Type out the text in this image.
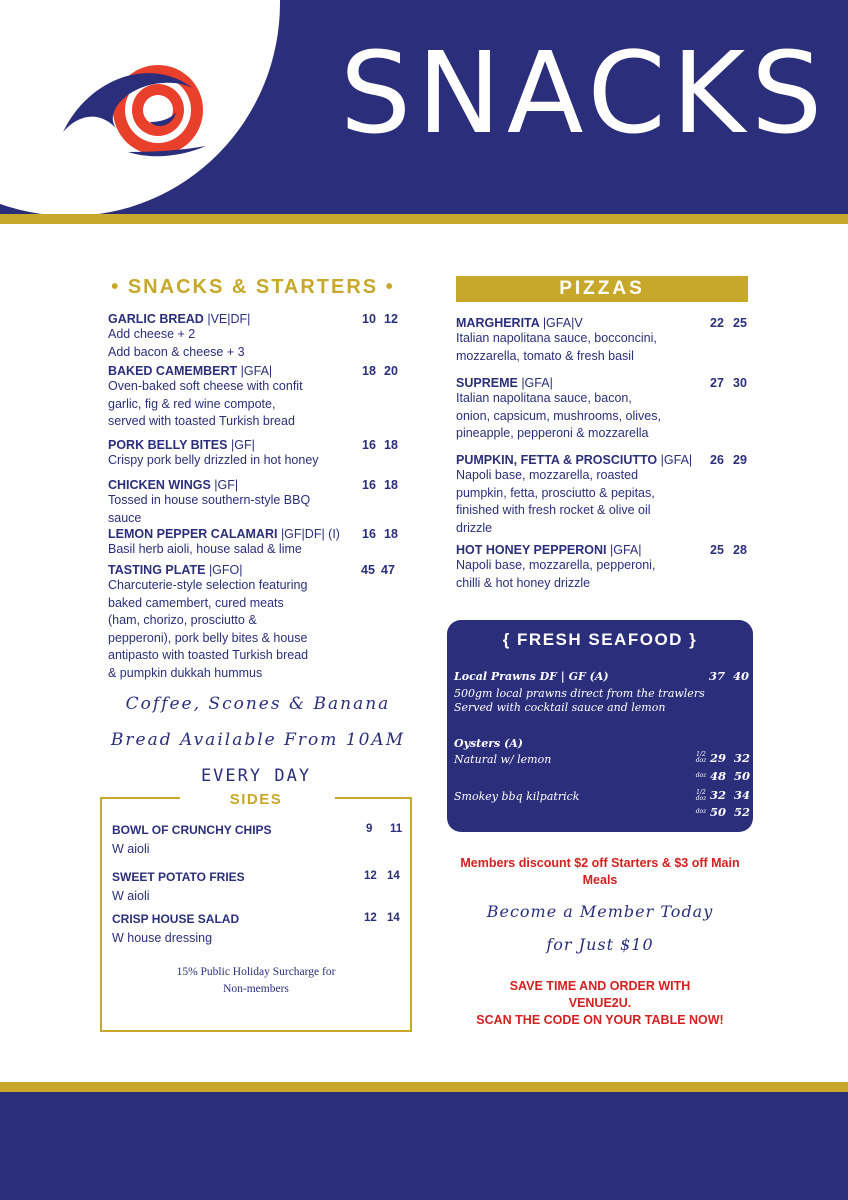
SNACKS
• SNACKS & STARTERS •
GARLIC BREAD |VE|DF|
Add cheese + 2
Add bacon & cheese + 3
10 12
BAKED CAMEMBERT |GFA|
Oven-baked soft cheese with confit
garlic, fig & red wine compote,
served with toasted Turkish bread
18 20
PORK BELLY BITES |GF|
Crispy pork belly drizzled in hot honey
16 18
CHICKEN WINGS |GF|
Tossed in house southern-style BBQ
sauce
16 18
LEMON PEPPER CALAMARI |GF|DF| (I)
Basil herb aioli, house salad & lime
16 18
TASTING PLATE |GFO|
Charcuterie-style selection featuring
baked camembert, cured meats
(ham, chorizo, prosciutto &
pepperoni), pork belly bites & house
antipasto with toasted Turkish bread
& pumpkin dukkah hummus
45 47
Coffee, Scones & Banana
Bread Available From 10AM
EVERY DAY
SIDES
BOWL OF CRUNCHY CHIPS
W aioli
9 11
SWEET POTATO FRIES
W aioli
12 14
CRISP HOUSE SALAD
W house dressing
12 14
15% Public Holiday Surcharge for
Non-members
PIZZAS
MARGHERITA |GFA|V
Italian napolitana sauce, bocconcini,
mozzarella, tomato & fresh basil
22 25
SUPREME |GFA|
Italian napolitana sauce, bacon,
onion, capsicum, mushrooms, olives,
pineapple, pepperoni & mozzarella
27 30
PUMPKIN, FETTA & PROSCIUTTO |GFA|
Napoli base, mozzarella, roasted
pumpkin, fetta, prosciutto & pepitas,
finished with fresh rocket & olive oil
drizzle
26 29
HOT HONEY PEPPERONI |GFA|
Napoli base, mozzarella, pepperoni,
chilli & hot honey drizzle
25 28
{ FRESH SEAFOOD }
Local Prawns DF | GF (A)	37 40
500gm local prawns direct from the trawlers
Served with cocktail sauce and lemon
Oysters (A)
Natural w/ lemon	1/2 doz 29 32
doz 48 50
Smokey bbq kilpatrick	1/2 doz 32 34
doz 50 52
Members discount $2 off Starters & $3 off Main Meals
Become a Member Today
for Just $10
SAVE TIME AND ORDER WITH
VENUE2U.
SCAN THE CODE ON YOUR TABLE NOW!
